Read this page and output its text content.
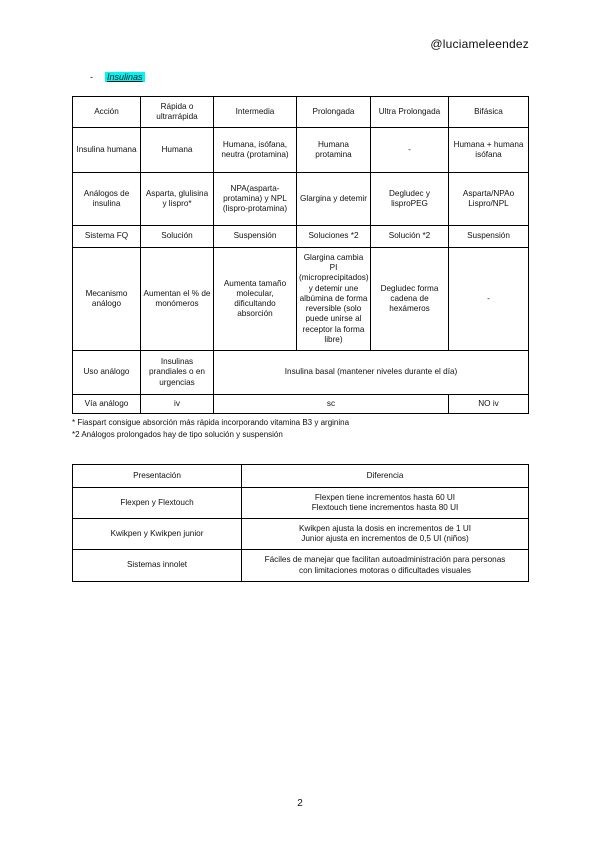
@luciameleendez
- Insulinas
Acción	Rápida o ultrarrápida	Intermedia	Prolongada	Ultra Prolongada	Bifásica
Insulina humana	Humana	Humana, isófana, neutra (protamina)	Humana protamina	-	Humana + humana isófana
Análogos de insulina	Asparta, glulisina y lispro*	NPA(asparta-protamina) y NPL (lispro-protamina)	Glargina y detemir	Degludec y lisproPEG	Asparta/NPAo Lispro/NPL
Sistema FQ	Solución	Suspensión	Soluciones *2	Solución *2	Suspensión
Mecanismo análogo	Aumentan el % de monómeros	Aumenta tamaño molecular, dificultando absorción	Glargina cambia PI (microprecipitados) y detemir une albúmina de forma reversible (solo puede unirse al receptor la forma libre)	Degludec forma cadena de hexámeros	-
Uso análogo	Insulinas prandiales o en urgencias	Insulina basal (mantener niveles durante el día)			
Vía análogo	iv	sc			NO iv
* Fiaspart consigue absorción más rápida incorporando vitamina B3 y arginina
*2 Análogos prolongados hay de tipo solución y suspensión
Presentación	Diferencia
Flexpen y Flextouch	Flexpen tiene incrementos hasta 60 UI
Flextouch tiene incrementos hasta 80 UI

Kwikpen y Kwikpen junior	Kwikpen ajusta la dosis en incrementos de 1 UI
Junior ajusta en incrementos de 0,5 UI (niños)

Sistemas innolet	Fáciles de manejar que facilitan autoadministración para personas
con limitaciones motoras o dificultades visuales
2
